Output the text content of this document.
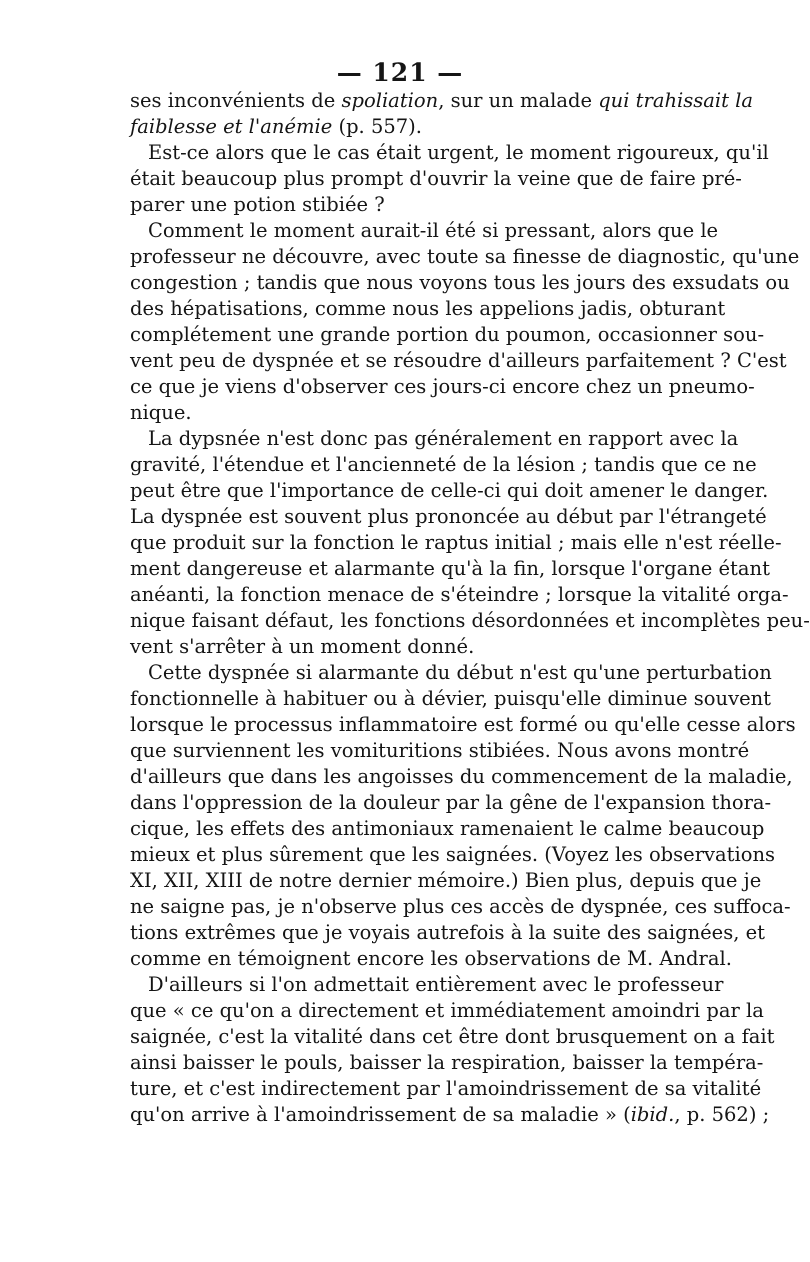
— 121 —
ses inconvénients de spoliation, sur un malade qui trahissait la
faiblesse et l'anémie (p. 557).
Est-ce alors que le cas était urgent, le moment rigoureux, qu'il
était beaucoup plus prompt d'ouvrir la veine que de faire pré-
parer une potion stibiée ?
Comment le moment aurait-il été si pressant, alors que le
professeur ne découvre, avec toute sa finesse de diagnostic, qu'une
congestion ; tandis que nous voyons tous les jours des exsudats ou
des hépatisations, comme nous les appelions jadis, obturant
complétement une grande portion du poumon, occasionner sou-
vent peu de dyspnée et se résoudre d'ailleurs parfaitement ? C'est
ce que je viens d'observer ces jours-ci encore chez un pneumo-
nique.
La dypsnée n'est donc pas généralement en rapport avec la
gravité, l'étendue et l'ancienneté de la lésion ; tandis que ce ne
peut être que l'importance de celle-ci qui doit amener le danger.
La dyspnée est souvent plus prononcée au début par l'étrangeté
que produit sur la fonction le raptus initial ; mais elle n'est réelle-
ment dangereuse et alarmante qu'à la fin, lorsque l'organe étant
anéanti, la fonction menace de s'éteindre ; lorsque la vitalité orga-
nique faisant défaut, les fonctions désordonnées et incomplètes peu-
vent s'arrêter à un moment donné.
Cette dyspnée si alarmante du début n'est qu'une perturbation
fonctionnelle à habituer ou à dévier, puisqu'elle diminue souvent
lorsque le processus inflammatoire est formé ou qu'elle cesse alors
que surviennent les vomituritions stibiées. Nous avons montré
d'ailleurs que dans les angoisses du commencement de la maladie,
dans l'oppression de la douleur par la gêne de l'expansion thora-
cique, les effets des antimoniaux ramenaient le calme beaucoup
mieux et plus sûrement que les saignées. (Voyez les observations
XI, XII, XIII de notre dernier mémoire.) Bien plus, depuis que je
ne saigne pas, je n'observe plus ces accès de dyspnée, ces suffoca-
tions extrêmes que je voyais autrefois à la suite des saignées, et
comme en témoignent encore les observations de M. Andral.
D'ailleurs si l'on admettait entièrement avec le professeur
que « ce qu'on a directement et immédiatement amoindri par la
saignée, c'est la vitalité dans cet être dont brusquement on a fait
ainsi baisser le pouls, baisser la respiration, baisser la tempéra-
ture, et c'est indirectement par l'amoindrissement de sa vitalité
qu'on arrive à l'amoindrissement de sa maladie » (ibid., p. 562) ;
